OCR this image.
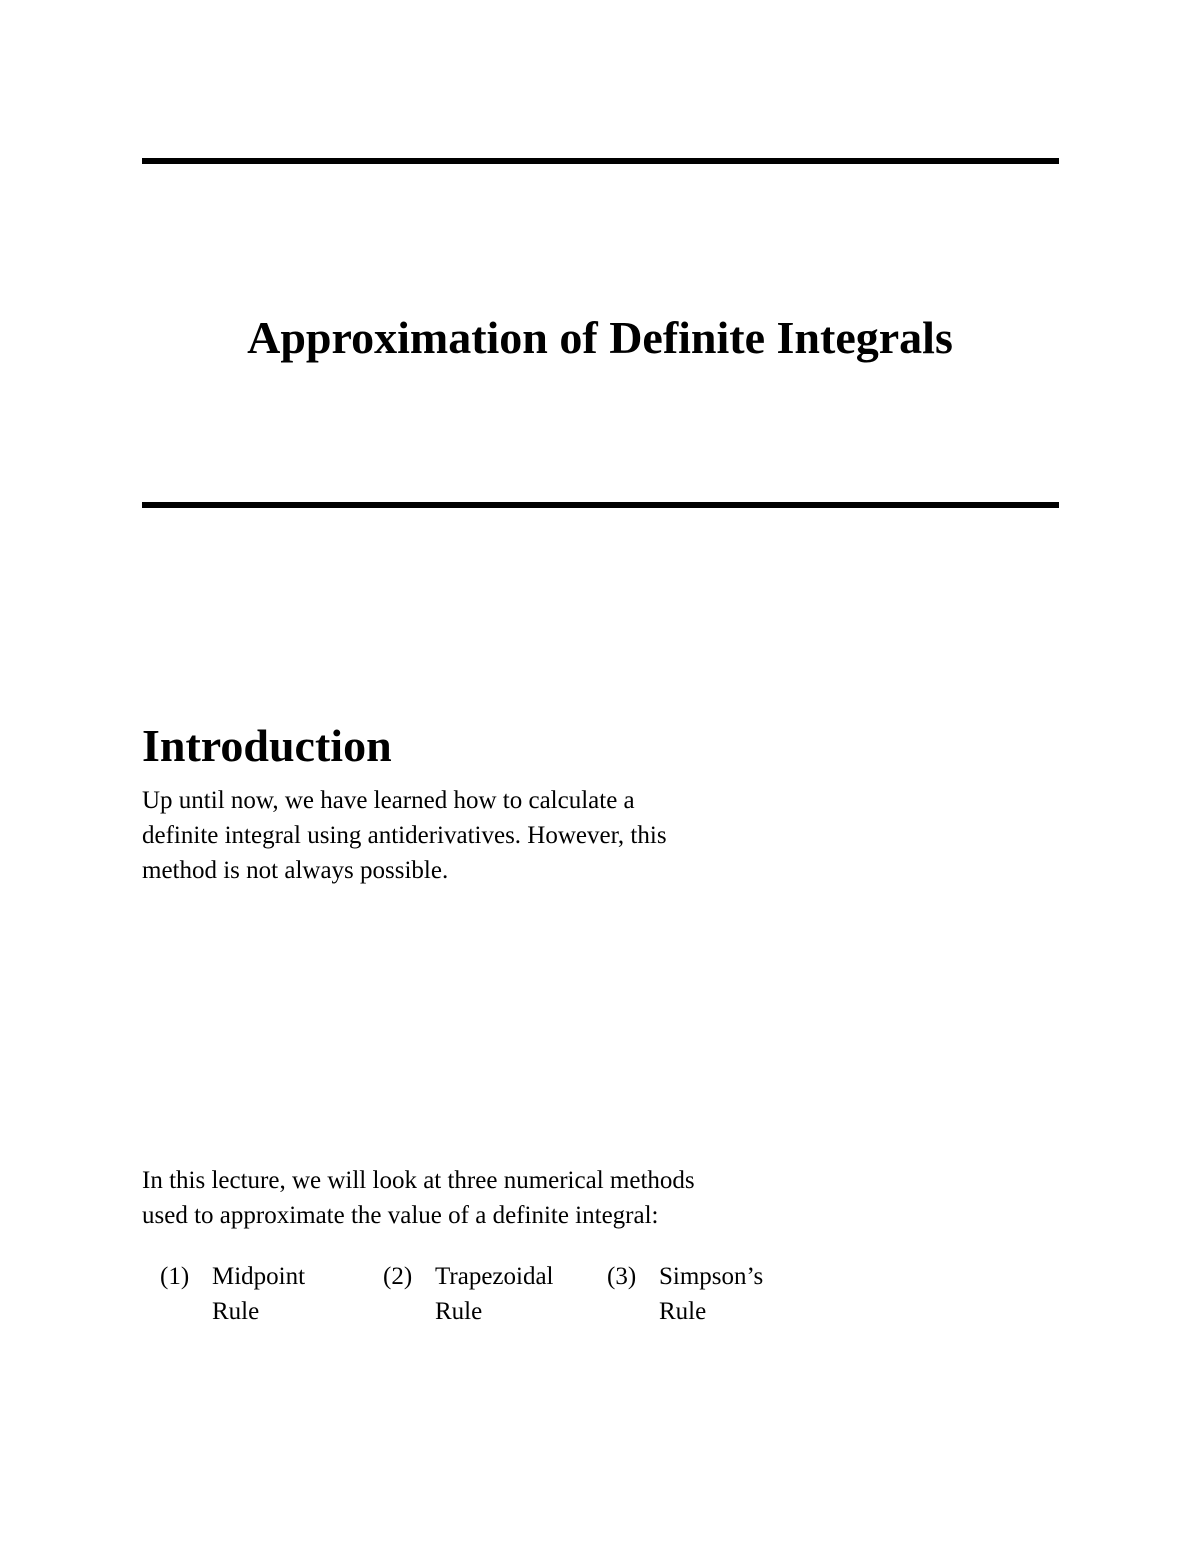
Approximation of Definite Integrals
Introduction

Up until now, we have learned how to calculate a
definite integral using antiderivatives. However, this
method is not always possible.

In this lecture, we will look at three numerical methods
used to approximate the value of a definite integral:

(1) Midpoint
Rule
(2) Trapezoidal
Rule
(3) Simpson’s
Rule
